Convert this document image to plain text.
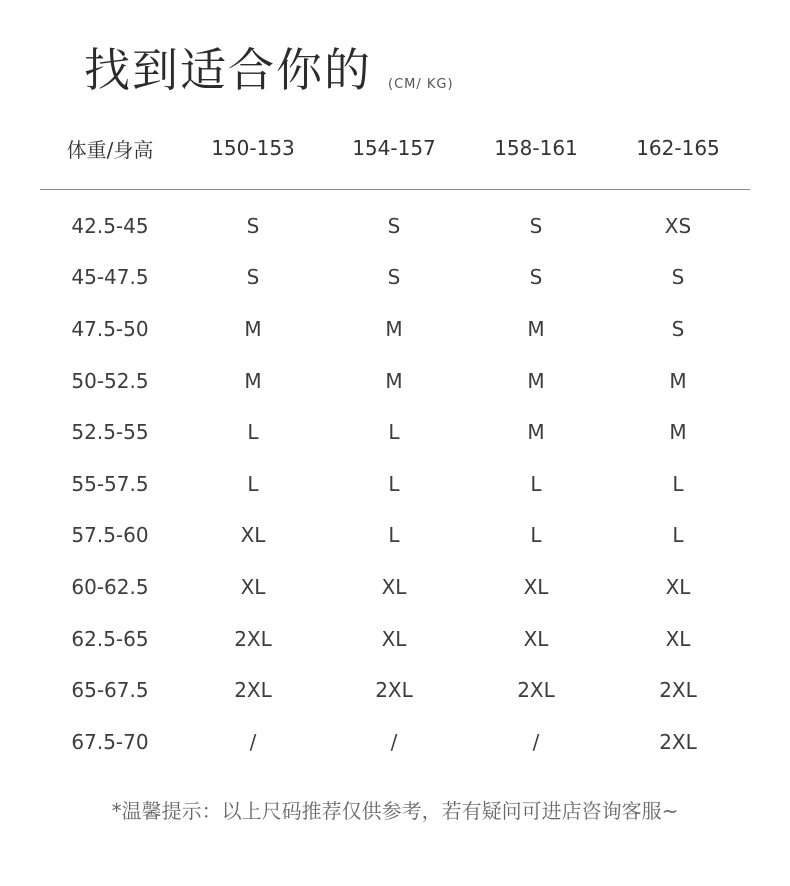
找到适合你的 (CM/ KG)
体重/身高	150-153	154-157	158-161	162-165
42.5-45	S	S	S	XS
45-47.5	S	S	S	S
47.5-50	M	M	M	S
50-52.5	M	M	M	M
52.5-55	L	L	M	M
55-57.5	L	L	L	L
57.5-60	XL	L	L	L
60-62.5	XL	XL	XL	XL
62.5-65	2XL	XL	XL	XL
65-67.5	2XL	2XL	2XL	2XL
67.5-70	/	/	/	2XL
*温馨提示：以上尺码推荐仅供参考，若有疑问可进店咨询客服~
